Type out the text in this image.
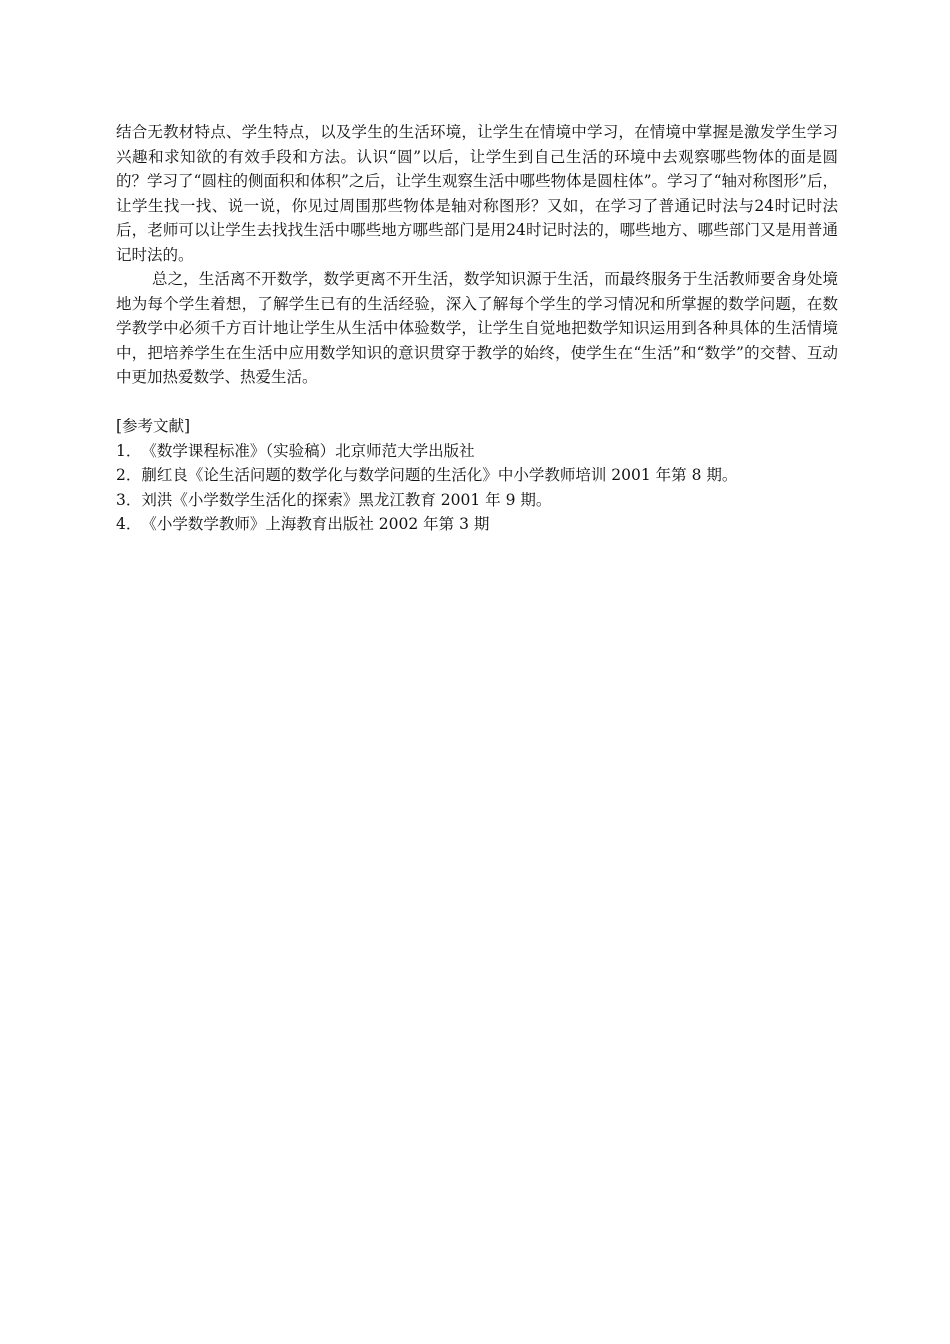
结合无教材特点、学生特点，以及学生的生活环境，让学生在情境中学习，在情境中掌握是激发学生学习兴趣和求知欲的有效手段和方法。认识“圆”以后，让学生到自己生活的环境中去观察哪些物体的面是圆的？学习了“圆柱的侧面积和体积”之后，让学生观察生活中哪些物体是圆柱体”。学习了“轴对称图形”后，让学生找一找、说一说，你见过周围那些物体是轴对称图形？又如，在学习了普通记时法与24时记时法后，老师可以让学生去找找生活中哪些地方哪些部门是用24时记时法的，哪些地方、哪些部门又是用普通记时法的。

总之，生活离不开数学，数学更离不开生活，数学知识源于生活，而最终服务于生活教师要舍身处境地为每个学生着想，了解学生已有的生活经验，深入了解每个学生的学习情况和所掌握的数学问题，在数学教学中必须千方百计地让学生从生活中体验数学，让学生自觉地把数学知识运用到各种具体的生活情境中，把培养学生在生活中应用数学知识的意识贯穿于教学的始终，使学生在“生活”和“数学”的交替、互动中更加热爱数学、热爱生活。

[参考文献]

1．《数学课程标准》（实验稿）北京师范大学出版社
2．蒯红良《论生活问题的数学化与数学问题的生活化》中小学教师培训 2001 年第 8 期。
3．刘洪《小学数学生活化的探索》黑龙江教育 2001 年 9 期。
4．《小学数学教师》上海教育出版社 2002 年第 3 期
